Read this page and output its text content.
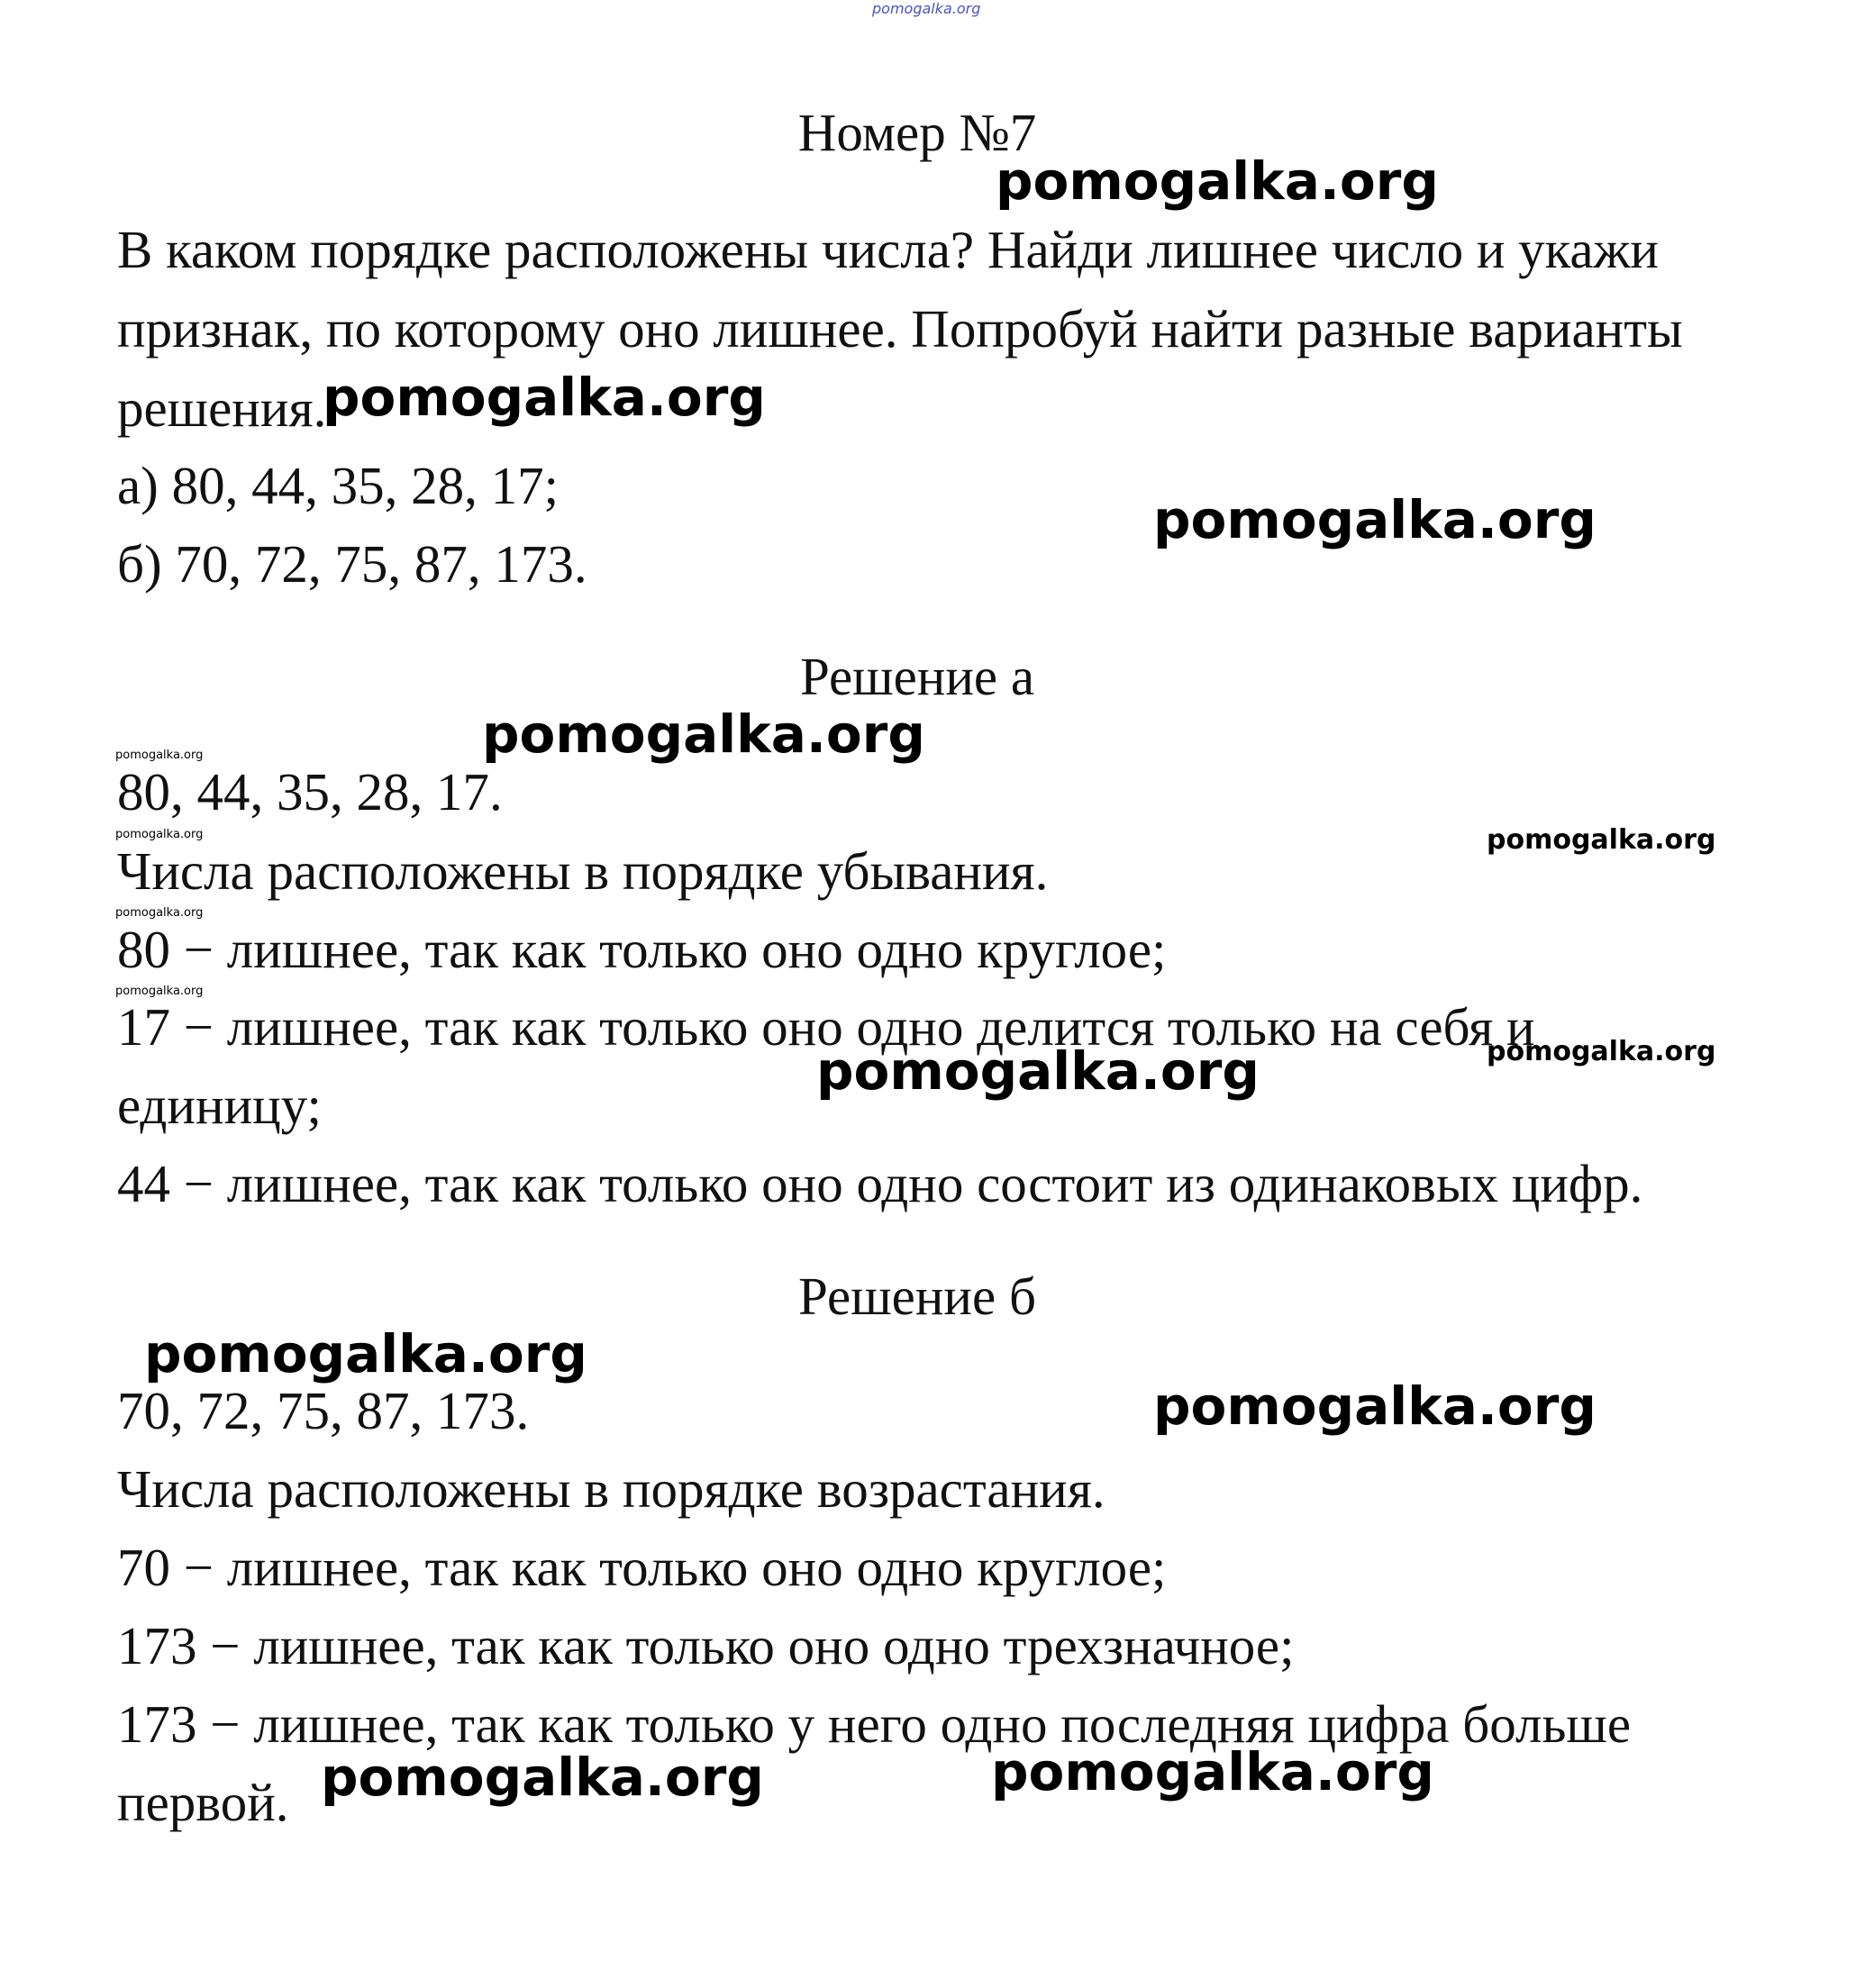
pomogalka.org
Номер №7
В каком порядке расположены числа? Найди лишнее число и укажи
признак, по которому оно лишнее. Попробуй найти разные варианты
решения.
а) 80, 44, 35, 28, 17;
б) 70, 72, 75, 87, 173.
Решение а
80, 44, 35, 28, 17.
Числа расположены в порядке убывания.
80 − лишнее, так как только оно одно круглое;
17 − лишнее, так как только оно одно делится только на себя и
единицу;
44 − лишнее, так как только оно одно состоит из одинаковых цифр.
Решение б
70, 72, 75, 87, 173.
Числа расположены в порядке возрастания.
70 − лишнее, так как только оно одно круглое;
173 − лишнее, так как только оно одно трехзначное;
173 − лишнее, так как только у него одно последняя цифра больше
первой.
pomogalka.org
pomogalka.org
pomogalka.org
pomogalka.org
pomogalka.org
pomogalka.org
pomogalka.org
pomogalka.org	pomogalka.org
pomogalka.org
pomogalka.org
pomogalka.org
pomogalka.org
pomogalka.org
pomogalka.org
